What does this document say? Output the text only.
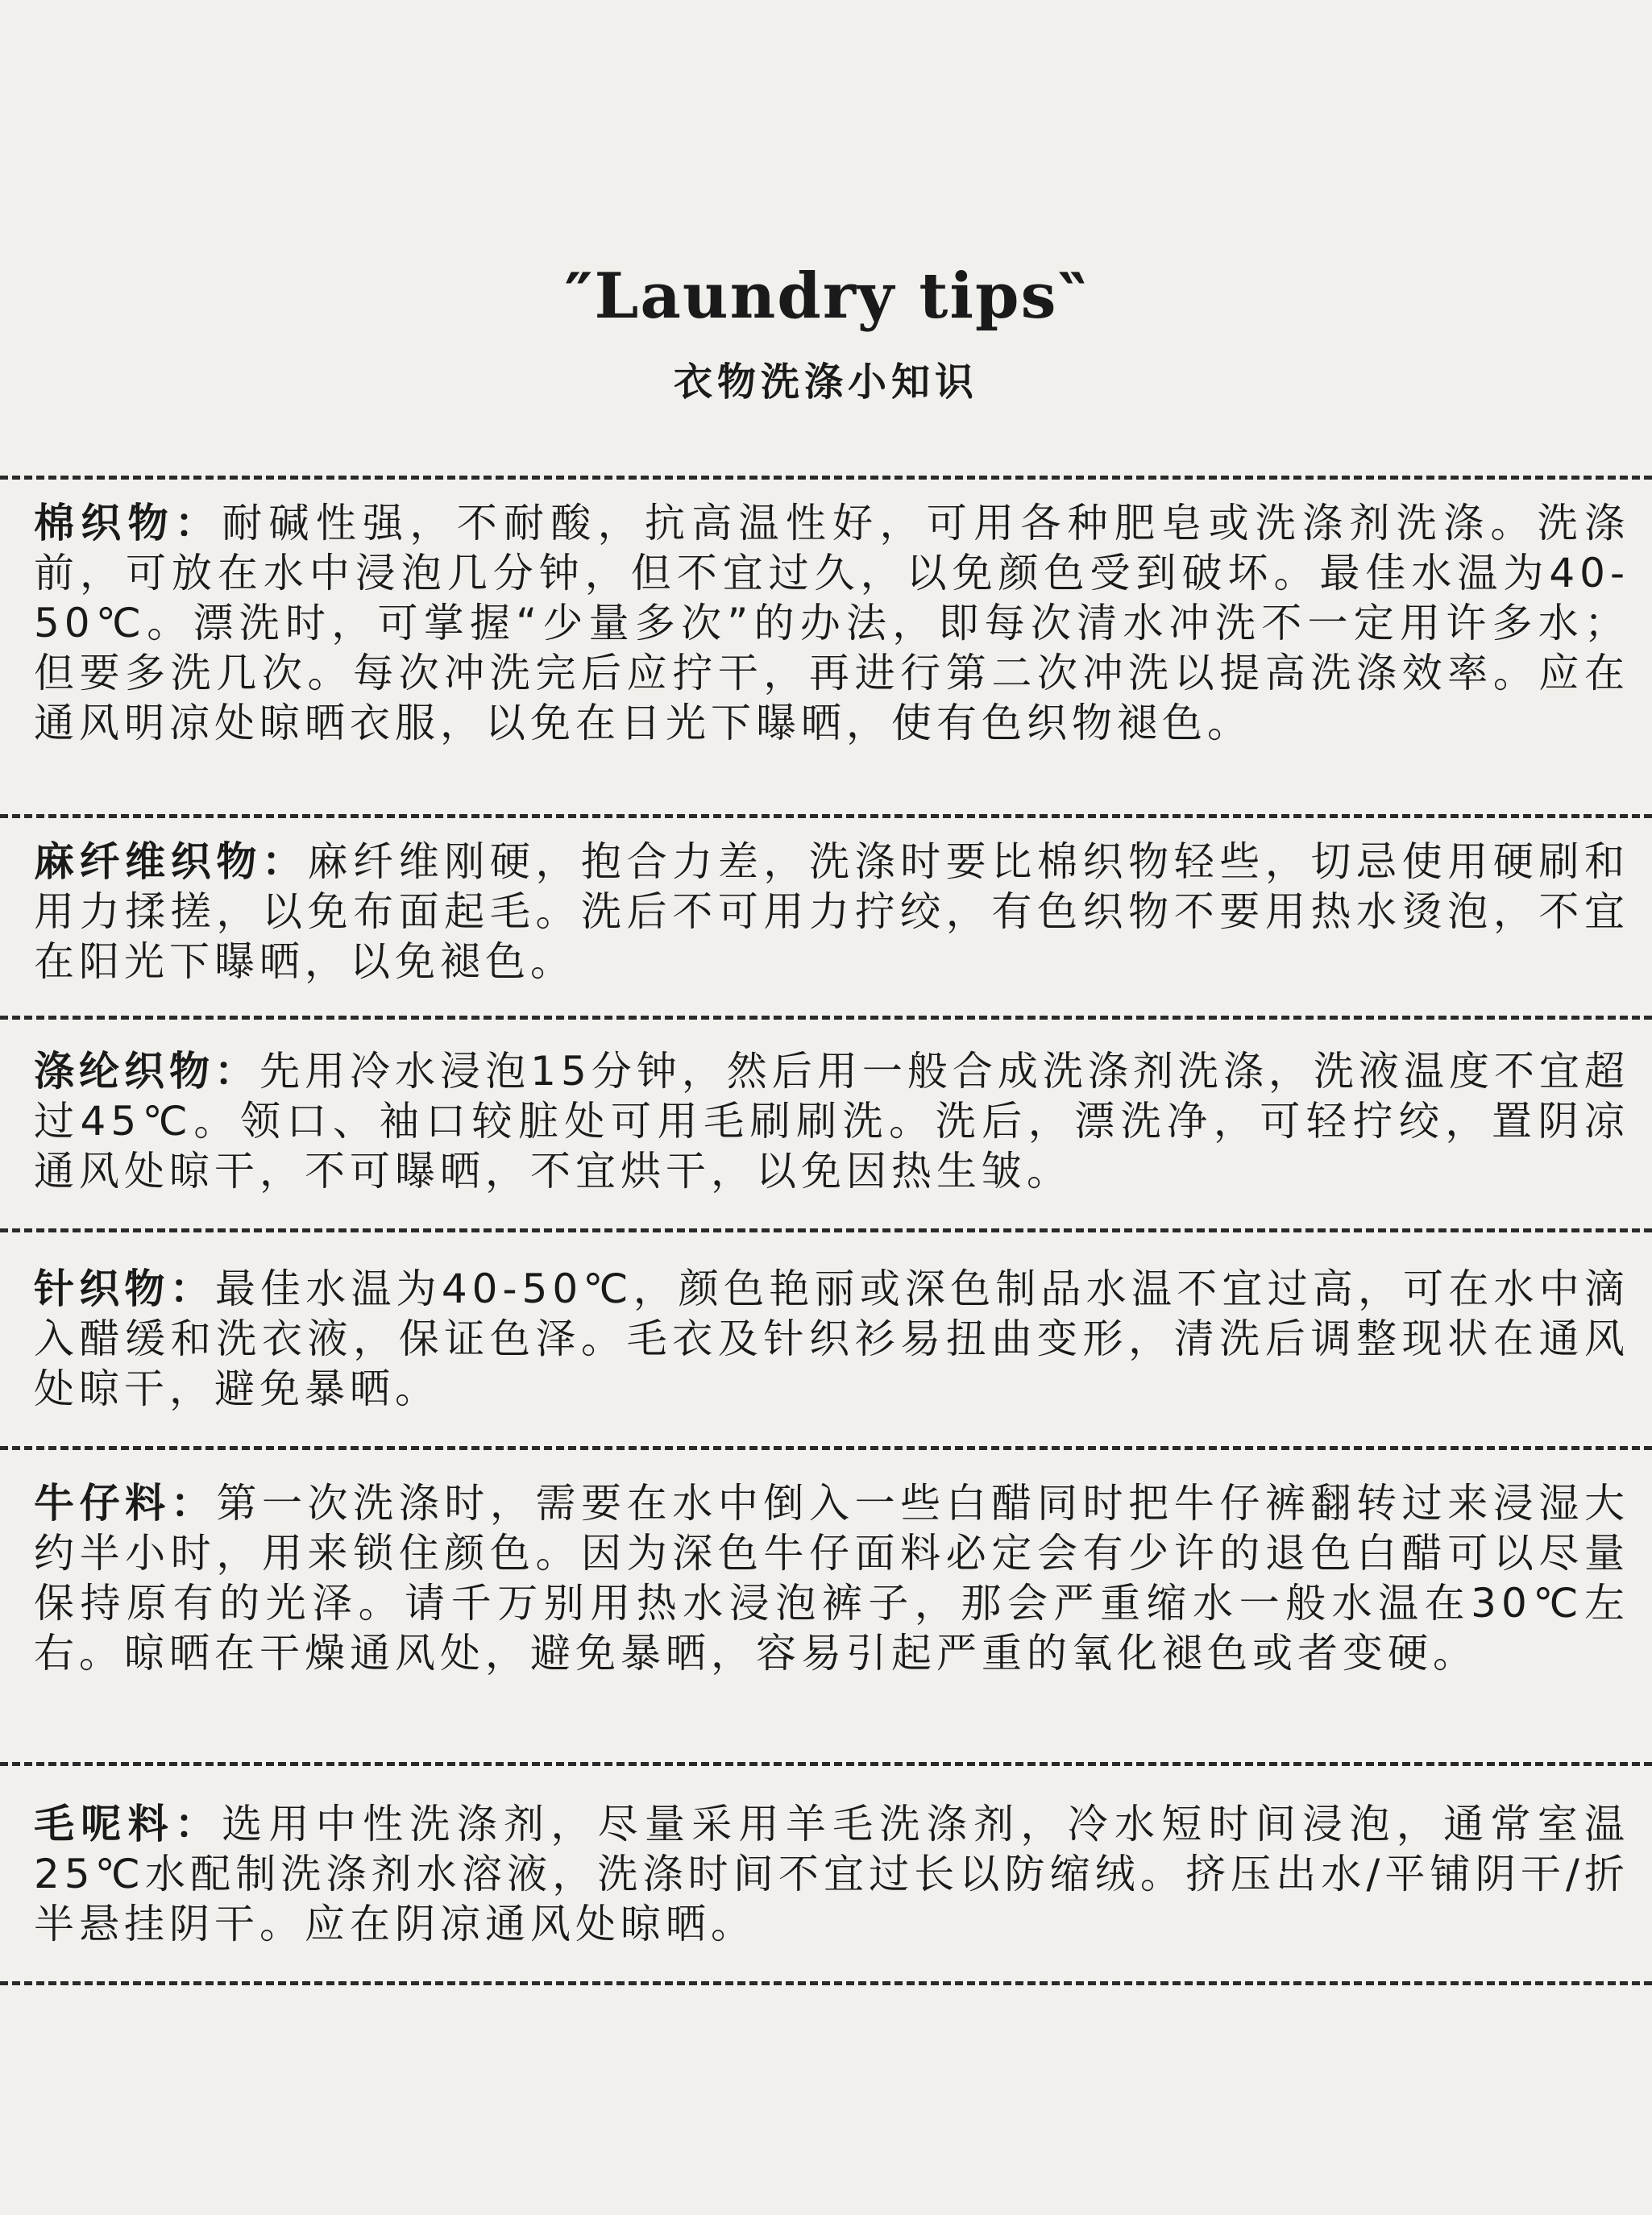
″Laundry tips‶
衣物洗涤小知识

棉织物：耐碱性强，不耐酸，抗高温性好，可用各种肥皂或洗涤剂洗涤。洗涤前，可放在水中浸泡几分钟，但不宜过久，以免颜色受到破坏。最佳水温为40-50℃。漂洗时，可掌握“少量多次”的办法，即每次清水冲洗不一定用许多水；但要多洗几次。每次冲洗完后应拧干，再进行第二次冲洗以提高洗涤效率。应在通风明凉处晾晒衣服，以免在日光下曝晒，使有色织物褪色。

麻纤维织物：麻纤维刚硬，抱合力差，洗涤时要比棉织物轻些，切忌使用硬刷和用力揉搓，以免布面起毛。洗后不可用力拧绞，有色织物不要用热水烫泡，不宜在阳光下曝晒，以免褪色。

涤纶织物：先用冷水浸泡15分钟，然后用一般合成洗涤剂洗涤，洗液温度不宜超过45℃。领口、袖口较脏处可用毛刷刷洗。洗后，漂洗净，可轻拧绞，置阴凉通风处晾干，不可曝晒，不宜烘干，以免因热生皱。

针织物：最佳水温为40-50℃，颜色艳丽或深色制品水温不宜过高，可在水中滴入醋缓和洗衣液，保证色泽。毛衣及针织衫易扭曲变形，清洗后调整现状在通风处晾干，避免暴晒。

牛仔料：第一次洗涤时，需要在水中倒入一些白醋同时把牛仔裤翻转过来浸湿大约半小时，用来锁住颜色。因为深色牛仔面料必定会有少许的退色白醋可以尽量保持原有的光泽。请千万别用热水浸泡裤子，那会严重缩水一般水温在30℃左右。晾晒在干燥通风处，避免暴晒，容易引起严重的氧化褪色或者变硬。

毛呢料：选用中性洗涤剂，尽量采用羊毛洗涤剂，冷水短时间浸泡，通常室温25℃水配制洗涤剂水溶液，洗涤时间不宜过长以防缩绒。挤压出水/平铺阴干/折半悬挂阴干。应在阴凉通风处晾晒。
